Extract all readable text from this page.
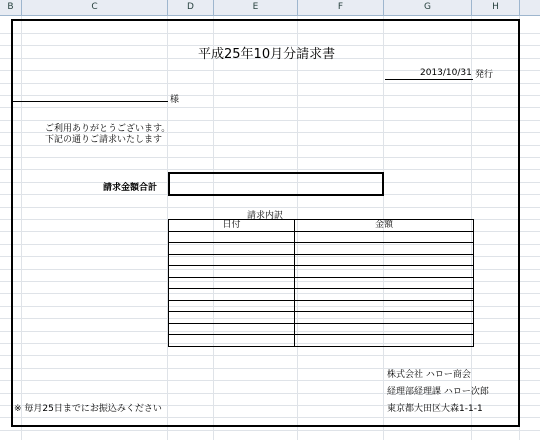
B	C	D	E	F	G	H
平成25年10月分請求書
2013/10/31 発行
様
ご利用ありがとうございます。
下記の通りご請求いたします
請求金額合計
請求内訳
日付	金額

株式会社 ハロー商会
経理部経理課 ハロー次郎
東京都大田区大森1-1-1
※ 毎月25日までにお振込みください
